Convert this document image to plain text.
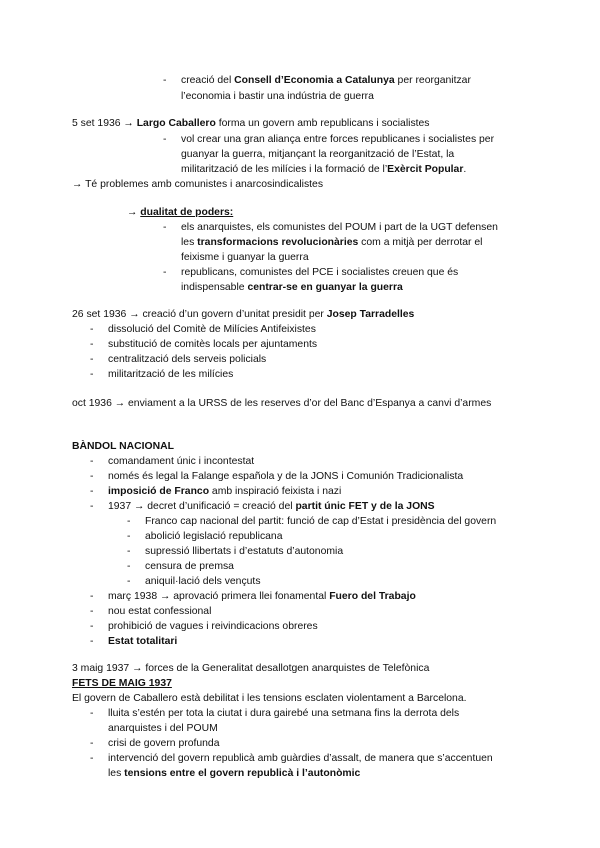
- creació del Consell d’Economia a Catalunya per reorganitzar
l’economia i bastir una indústria de guerra
5 set 1936 → Largo Caballero forma un govern amb republicans i socialistes
- vol crear una gran aliança entre forces republicanes i socialistes per
guanyar la guerra, mitjançant la reorganització de l’Estat, la
militarització de les milícies i la formació de l’Exèrcit Popular.
→ Té problemes amb comunistes i anarcosindicalistes
→ dualitat de poders:
- els anarquistes, els comunistes del POUM i part de la UGT defensen
les transformacions revolucionàries com a mitjà per derrotar el
feixisme i guanyar la guerra
- republicans, comunistes del PCE i socialistes creuen que és
indispensable centrar-se en guanyar la guerra
26 set 1936 → creació d’un govern d’unitat presidit per Josep Tarradelles
- dissolució del Comitè de Milícies Antifeixistes
- substitució de comitès locals per ajuntaments
- centralització dels serveis policials
- militarització de les milícies
oct 1936 → enviament a la URSS de les reserves d’or del Banc d’Espanya a canvi d’armes
BÀNDOL NACIONAL
- comandament únic i incontestat
- només és legal la Falange española y de la JONS i Comunión Tradicionalista
- imposició de Franco amb inspiració feixista i nazi
- 1937 → decret d’unificació = creació del partit únic FET y de la JONS
- Franco cap nacional del partit: funció de cap d’Estat i presidència del govern
- abolició legislació republicana
- supressió llibertats i d’estatuts d’autonomia
- censura de premsa
- aniquil·lació dels vençuts
- març 1938 → aprovació primera llei fonamental Fuero del Trabajo
- nou estat confessional
- prohibició de vagues i reivindicacions obreres
- Estat totalitari
3 maig 1937 → forces de la Generalitat desallotgen anarquistes de Telefònica
FETS DE MAIG 1937
El govern de Caballero està debilitat i les tensions esclaten violentament a Barcelona.
- lluita s’estén per tota la ciutat i dura gairebé una setmana fins la derrota dels
anarquistes i del POUM
- crisi de govern profunda
- intervenció del govern republicà amb guàrdies d’assalt, de manera que s’accentuen
les tensions entre el govern republicà i l’autonòmic
